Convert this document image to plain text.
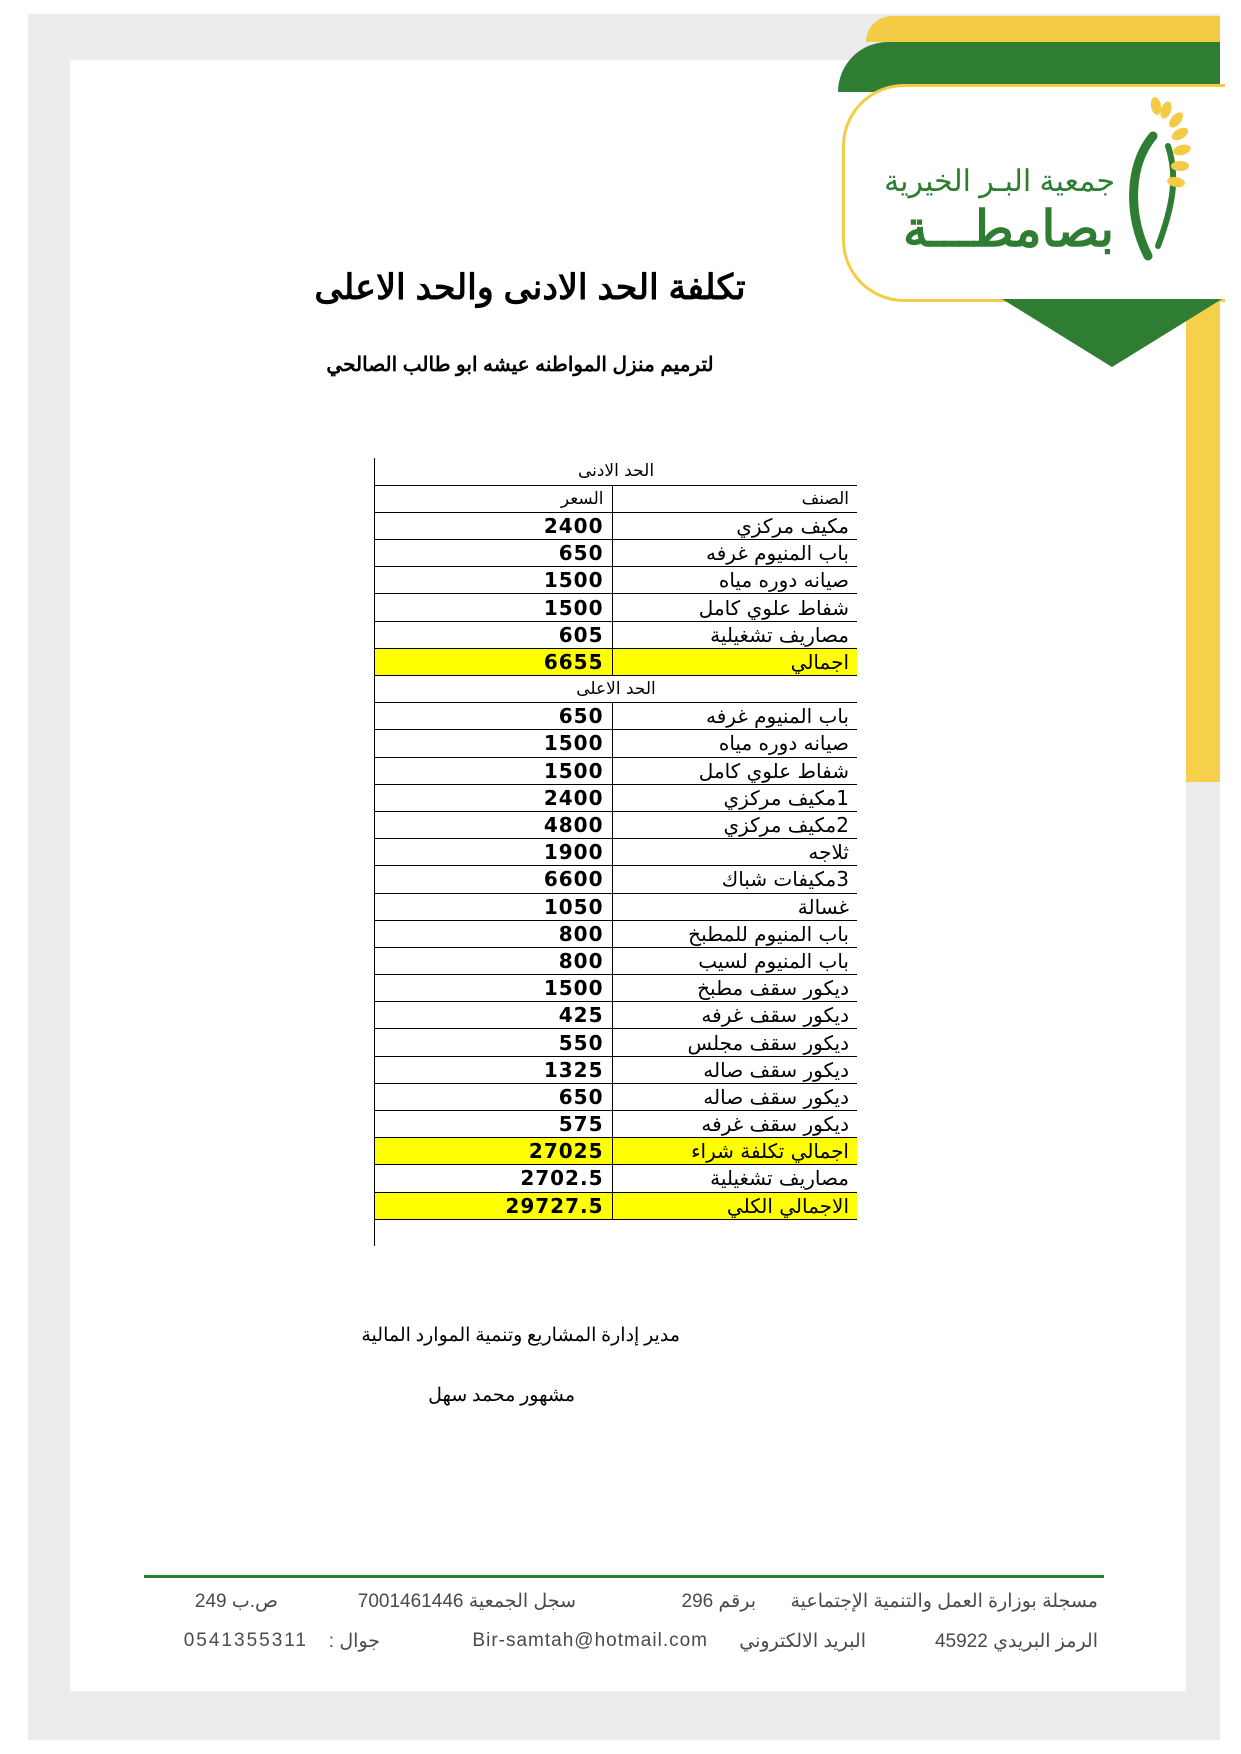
جمعية البـر الخيرية
بصامطـــة
تكلفة الحد الادنى والحد الاعلى
لترميم منزل المواطنه عيشه ابو طالب الصالحي
الحد الادنى	
الصنف	السعر
مكيف مركزي	2400
باب المنيوم غرفه	650
صيانه دوره مياه	1500
شفاط علوي كامل	1500
مصاريف تشغيلية	605
اجمالي	6655
الحد الاعلى	
باب المنيوم غرفه	650
صيانه دوره مياه	1500
شفاط علوي كامل	1500
1مكيف مركزي	2400
2مكيف مركزي	4800
ثلاجه	1900
3مكيفات شباك	6600
غسالة	1050
باب المنيوم للمطبخ	800
باب المنيوم لسيب	800
ديكور سقف مطبخ	1500
ديكور سقف غرفه	425
ديكور سقف مجلس	550
ديكور سقف صاله	1325
ديكور سقف صاله	650
ديكور سقف غرفه	575
اجمالي تكلفة شراء	27025
مصاريف تشغيلية	2702.5
الاجمالي الكلي	29727.5
مدير إدارة المشاريع وتنمية الموارد المالية
مشهور محمد سهل
مسجلة بوزارة العمل والتنمية الإجتماعية
برقم 296
سجل الجمعية 7001461446
ص.ب 249
الرمز البريدي 45922
البريد الالكتروني
Bir-samtah@hotmail.com
جوال :
0541355311
